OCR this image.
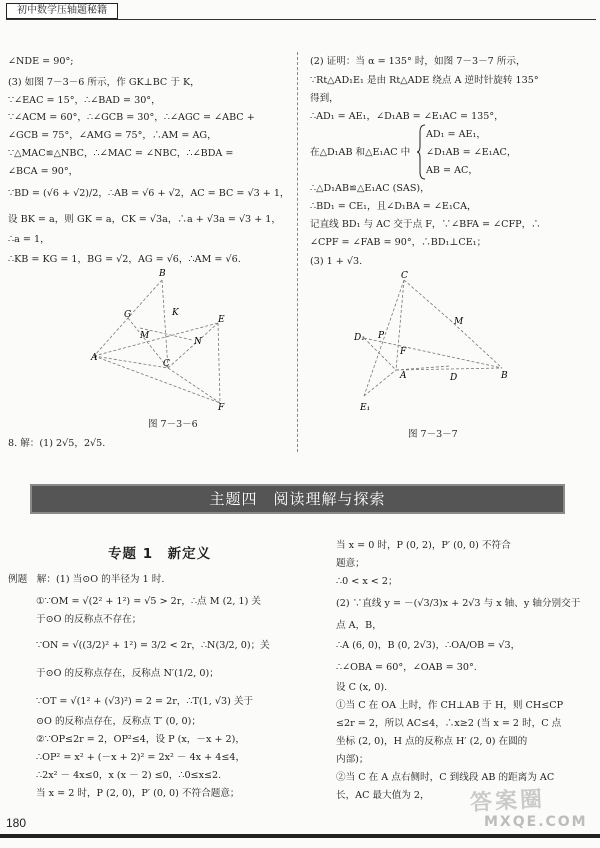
初中数学压轴题秘籍
∠NDE = 90°;
(3) 如图 7－3－6 所示，作 GK⊥BC 于 K，
∵∠EAC = 15°，∴∠BAD = 30°，
∵∠ACM = 60°，∴∠GCB = 30°，∴∠AGC = ∠ABC +
∠GCB = 75°，∠AMG = 75°，∴AM = AG，
∵△MAC≌△NBC，∴∠MAC = ∠NBC，∴∠BDA =
∠BCA = 90°，
∵BD = (√6 + √2)/2，∴AB = √6 + √2，AC = BC = √3 + 1，
设 BK = a，则 GK = a，CK = √3a，∴a + √3a = √3 + 1，
∴a = 1，
∴KB = KG = 1，BG = √2，AG = √6，∴AM = √6.
B
G	K
E
M
N
A
C
F
图 7－3－6
8. 解：(1) 2√5，2√5.
(2) 证明：当 α = 135° 时，如图 7－3－7 所示，
∵Rt△AD₁E₁ 是由 Rt△ADE 绕点 A 逆时针旋转 135°
得到，
∴AD₁ = AE₁，∠D₁AB = ∠E₁AC = 135°，
AD₁ = AE₁，
在△D₁AB 和△E₁AC 中 ∠D₁AB = ∠E₁AC，
AB = AC，
∴△D₁AB≌△E₁AC (SAS)，
∴BD₁ = CE₁，且∠D₁BA = ∠E₁CA，
记直线 BD₁ 与 AC 交于点 F，∵∠BFA = ∠CFP，∴
∠CPF = ∠FAB = 90°，∴BD₁⊥CE₁；
(3) 1 + √3.
C
M
D₁ P
F
A	D	B
E₁
图 7－3－7
主题四　阅读理解与探索
专题 1　新定义
例题　解：(1) 当⊙O 的半径为 1 时.
①∵OM = √(2² + 1²) = √5 > 2r，∴点 M (2, 1) 关
于⊙O 的反称点不存在；
∵ON = √((3/2)² + 1²) = 3/2 < 2r，∴N(3/2, 0)；关
于⊙O 的反称点存在，反称点 N′(1/2, 0)；
∵OT = √(1² + (√3)²) = 2 = 2r，∴T(1, √3) 关于
⊙O 的反称点存在，反称点 T′ (0, 0)；
②∵OP≤2r = 2，OP²≤4，设 P (x，－x + 2)，
∴OP² = x² + (－x + 2)² = 2x² － 4x + 4≤4，
∴2x² － 4x≤0，x (x － 2) ≤0，∴0≤x≤2.
当 x = 2 时，P (2, 0)，P′ (0, 0) 不符合题意；
当 x = 0 时，P (0, 2)，P′ (0, 0) 不符合
题意；
∴0 < x < 2；
(2) ∵直线 y = －(√3/3)x + 2√3 与 x 轴、y 轴分别交于
点 A，B，
∴A (6, 0)，B (0, 2√3)，∴OA/OB = √3，
∴∠OBA = 60°，∠OAB = 30°.
设 C (x, 0).
①当 C 在 OA 上时，作 CH⊥AB 于 H，则 CH≤CP
≤2r = 2，所以 AC≤4，∴x≥2 (当 x = 2 时，C 点
坐标 (2, 0)，H 点的反称点 H′ (2, 0) 在圆的
内部)；
②当 C 在 A 点右侧时，C 到线段 AB 的距离为 AC
长，AC 最大值为 2， 答案圈
MXQE.COM
180
